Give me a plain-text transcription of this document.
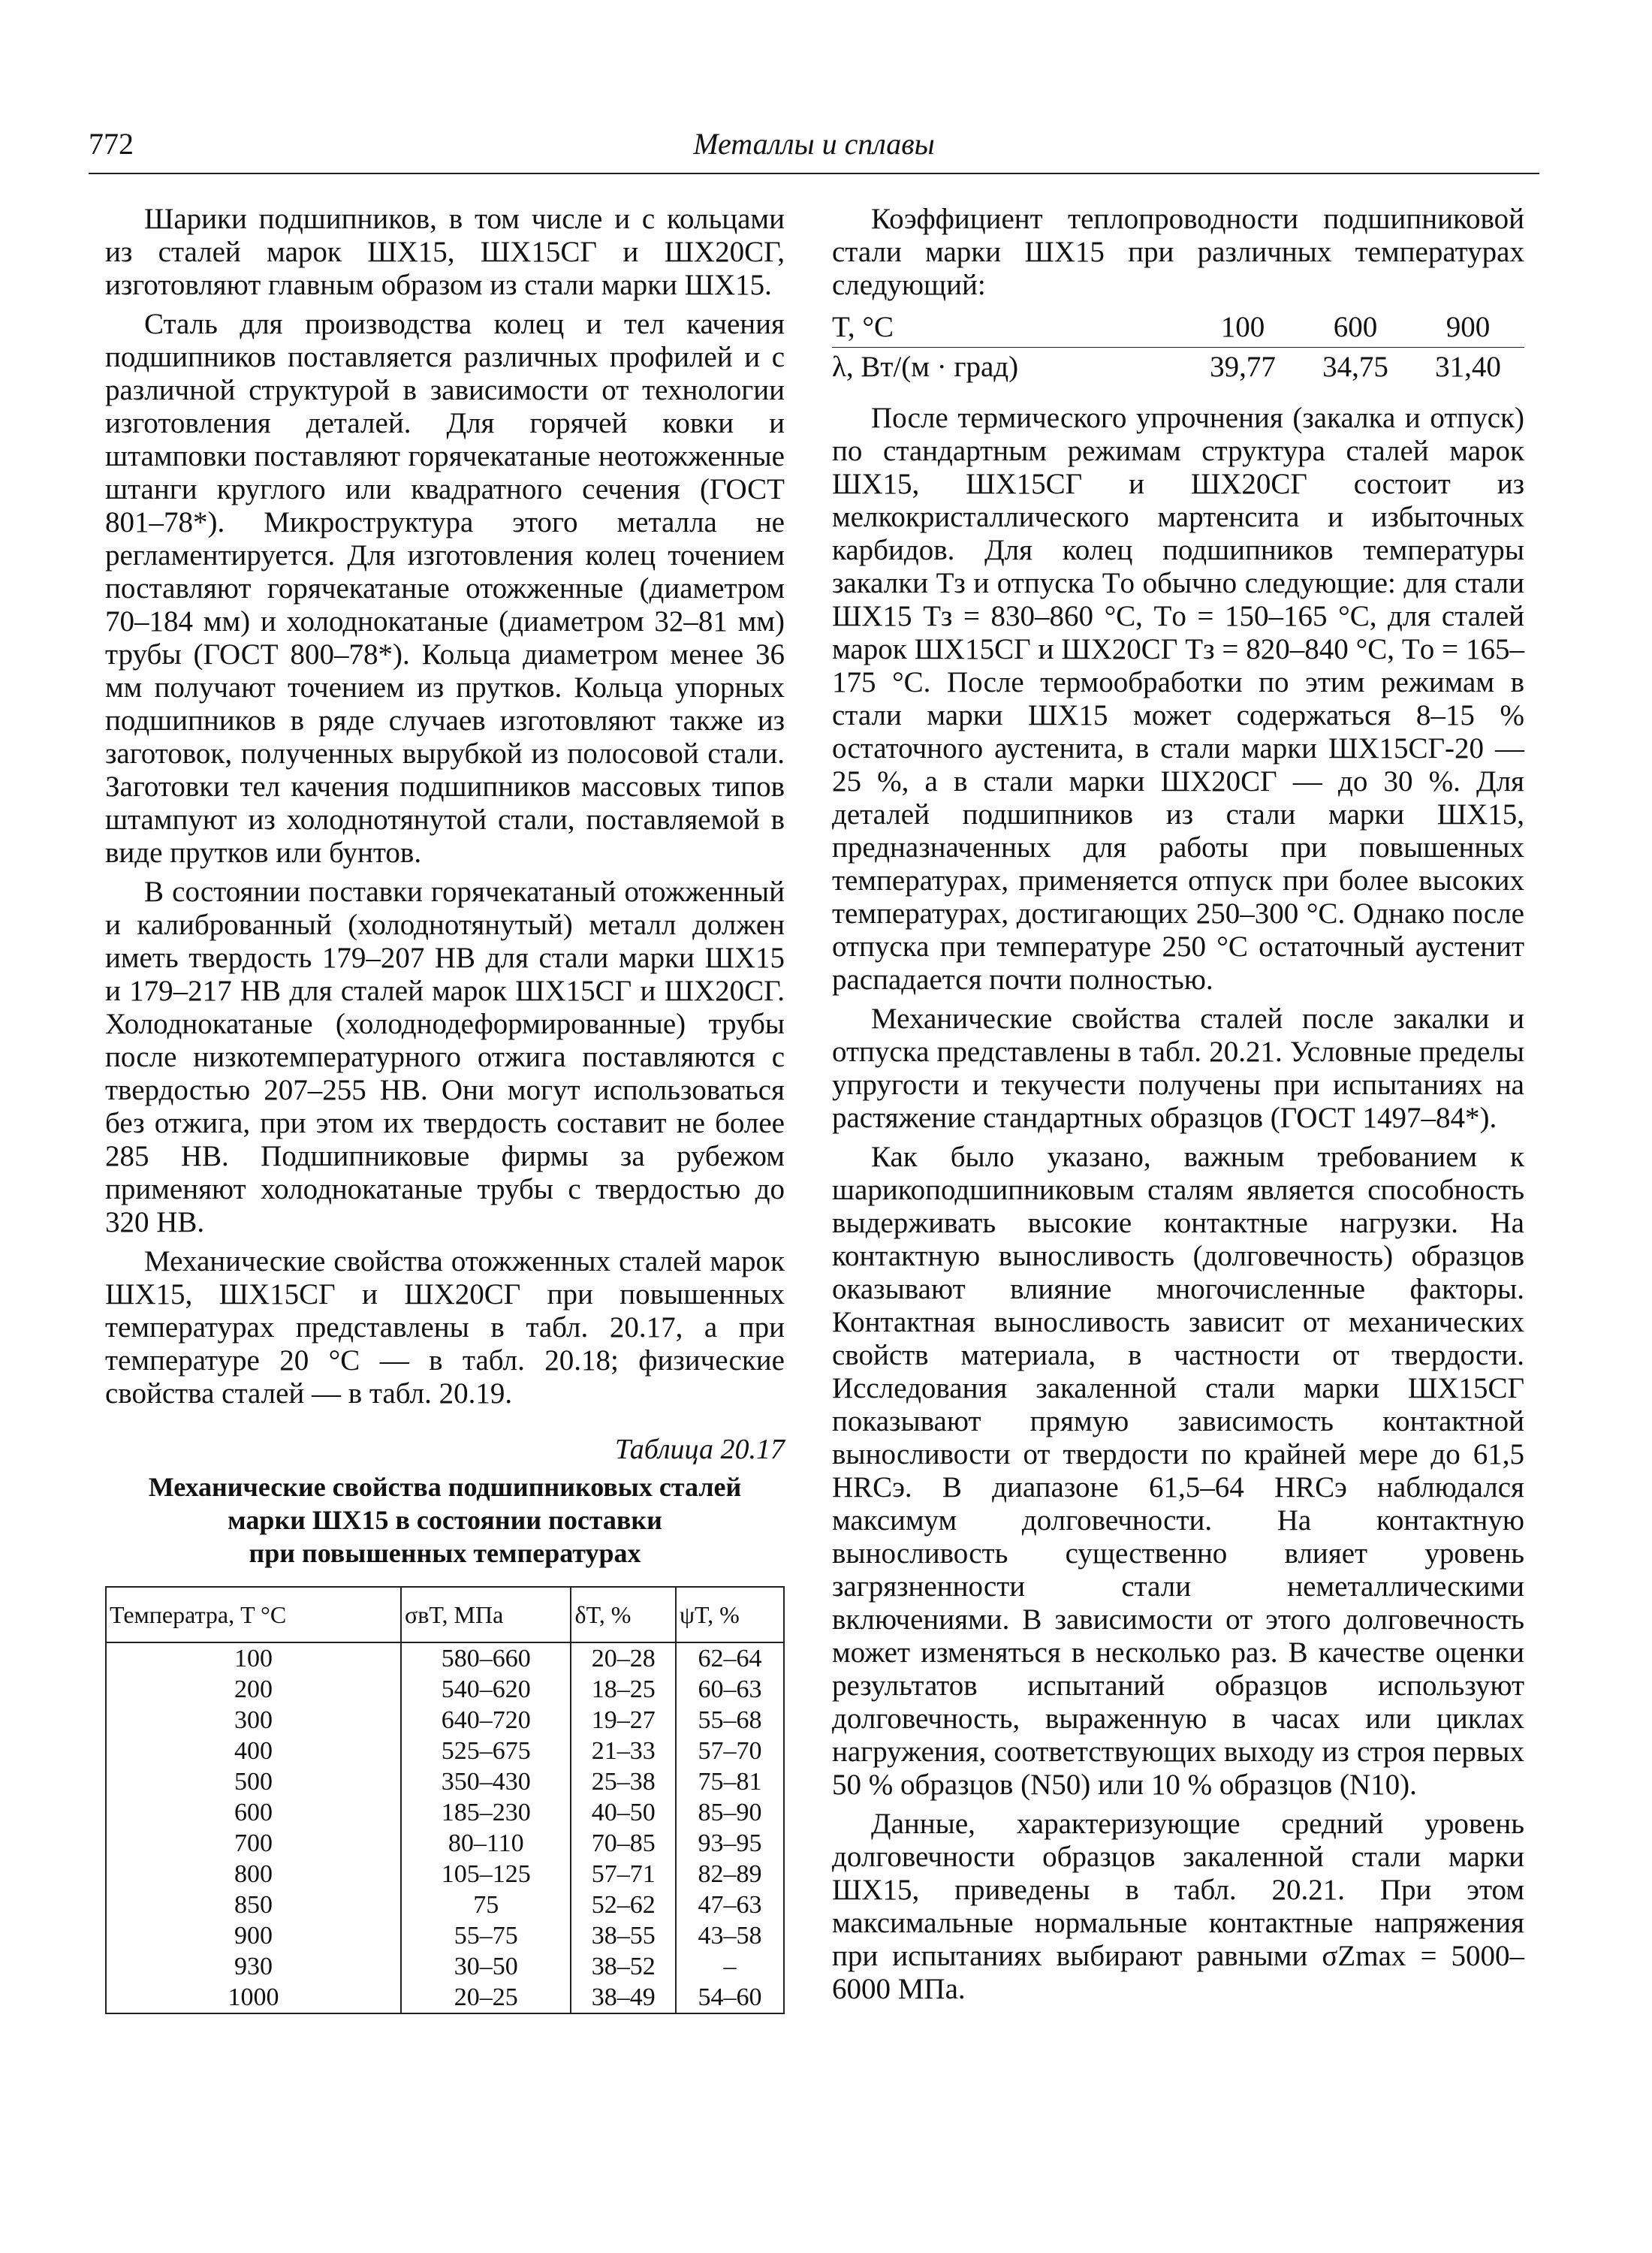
772	Металлы и сплавы

Шарики подшипников, в том числе и с кольцами из сталей марок ШХ15, ШХ15СГ и ШХ20СГ, изготовляют главным образом из стали марки ШХ15.

Сталь для производства колец и тел качения подшипников поставляется различных профилей и с различной структурой в зависимости от технологии изготовления деталей. Для горячей ковки и штамповки поставляют горячекатаные неотожженные штанги круглого или квадратного сечения (ГОСТ 801–78*). Микроструктура этого металла не регламентируется. Для изготовления колец точением поставляют горячекатаные отожженные (диаметром 70–184 мм) и холоднокатаные (диаметром 32–81 мм) трубы (ГОСТ 800–78*). Кольца диаметром менее 36 мм получают точением из прутков. Кольца упорных подшипников в ряде случаев изготовляют также из заготовок, полученных вырубкой из полосовой стали. Заготовки тел качения подшипников массовых типов штампуют из холоднотянутой стали, поставляемой в виде прутков или бунтов.

В состоянии поставки горячекатаный отожженный и калиброванный (холоднотянутый) металл должен иметь твердость 179–207 НВ для стали марки ШХ15 и 179–217 НВ для сталей марок ШХ15СГ и ШХ20СГ. Холоднокатаные (холоднодеформированные) трубы после низкотемпературного отжига поставляются с твердостью 207–255 НВ. Они могут использоваться без отжига, при этом их твердость составит не более 285 НВ. Подшипниковые фирмы за рубежом применяют холоднокатаные трубы с твердостью до 320 НВ.

Механические свойства отожженных сталей марок ШХ15, ШХ15СГ и ШХ20СГ при повышенных температурах представлены в табл. 20.17, а при температуре 20 °С — в табл. 20.18; физические свойства сталей — в табл. 20.19.

Таблица 20.17
Механические свойства подшипниковых сталей
марки ШХ15 в состоянии поставки
при повышенных температурах
Темпeратра, T °C	σвT, МПа	δT, %	ψT, %
100	580–660	20–28	62–64
200	540–620	18–25	60–63
300	640–720	19–27	55–68
400	525–675	21–33	57–70
500	350–430	25–38	75–81
600	185–230	40–50	85–90
700	80–110	70–85	93–95
800	105–125	57–71	82–89
850	75	52–62	47–63
900	55–75	38–55	43–58
930	30–50	38–52	–
1000	20–25	38–49	54–60

Коэффициент теплопроводности подшипниковой стали марки ШХ15 при различных температурах следующий:

T, °С	100	600	900
λ, Вт/(м · град)	39,77	34,75	31,40

После термического упрочнения (закалка и отпуск) по стандартным режимам структура сталей марок ШХ15, ШХ15СГ и ШХ20СГ состоит из мелкокристаллического мартенсита и избыточных карбидов. Для колец подшипников температуры закалки Tз и отпуска Tо обычно следующие: для стали ШХ15 Tз = 830–860 °С, Tо = 150–165 °С, для сталей марок ШХ15СГ и ШХ20СГ Tз = 820–840 °С, Tо = 165–175 °С. После термообработки по этим режимам в стали марки ШХ15 может содержаться 8–15 % остаточного аустенита, в стали марки ШХ15СГ-20 — 25 %, а в стали марки ШХ20СГ — до 30 %. Для деталей подшипников из стали марки ШХ15, предназначенных для работы при повышенных температурах, применяется отпуск при более высоких температурах, достигающих 250–300 °С. Однако после отпуска при температуре 250 °С остаточный аустенит распадается почти полностью.

Механические свойства сталей после закалки и отпуска представлены в табл. 20.21. Условные пределы упругости и текучести получены при испытаниях на растяжение стандартных образцов (ГОСТ 1497–84*).

Как было указано, важным требованием к шарикоподшипниковым сталям является способность выдерживать высокие контактные нагрузки. На контактную выносливость (долговечность) образцов оказывают влияние многочисленные факторы. Контактная выносливость зависит от механических свойств материала, в частности от твердости. Исследования закаленной стали марки ШХ15СГ показывают прямую зависимость контактной выносливости от твердости по крайней мере до 61,5 HRCэ. В диапазоне 61,5–64 HRCэ наблюдался максимум долговечности. На контактную выносливость существенно влияет уровень загрязненности стали неметаллическими включениями. В зависимости от этого долговечность может изменяться в несколько раз. В качестве оценки результатов испытаний образцов используют долговечность, выраженную в часах или циклах нагружения, соответствующих выходу из строя первых 50 % образцов (N50) или 10 % образцов (N10).

Данные, характеризующие средний уровень долговечности образцов закаленной стали марки ШХ15, приведены в табл. 20.21. При этом максимальные нормальные контактные напряжения при испытаниях выбирают равными σZmax = 5000–6000 МПа.
